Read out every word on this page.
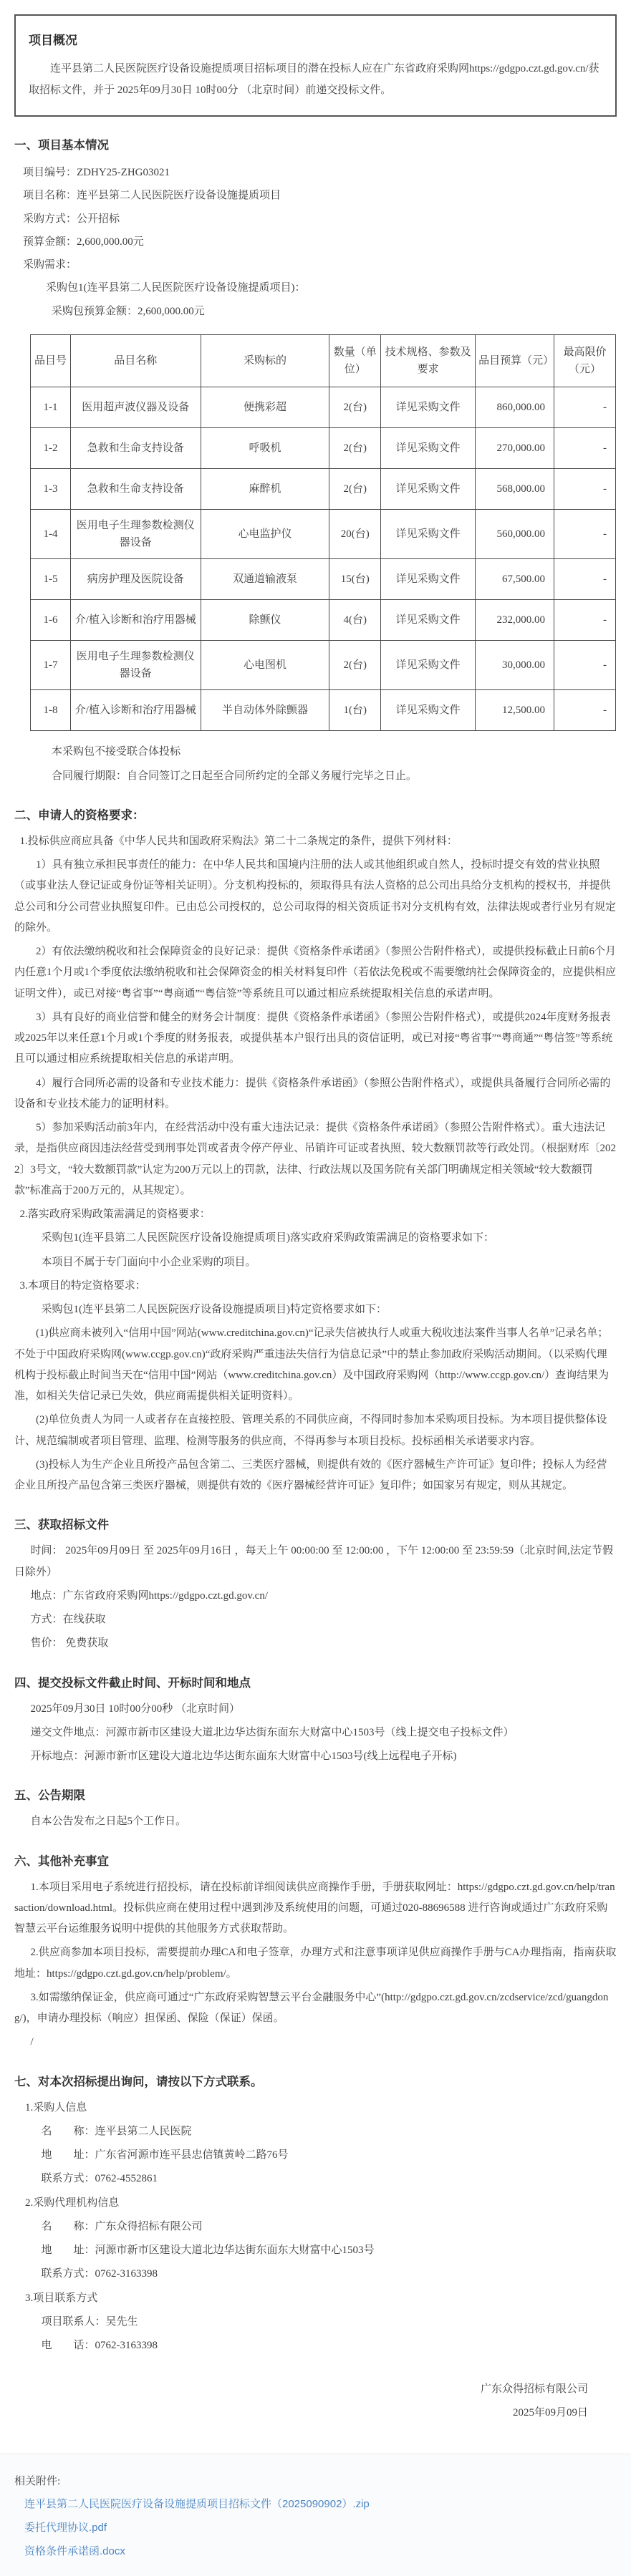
项目概况

连平县第二人民医院医疗设备设施提质项目招标项目的潜在投标人应在广东省政府采购网https://gdgpo.czt.gd.gov.cn/获取招标文件，并于 2025年09月30日 10时00分 （北京时间）前递交投标文件。

一、项目基本情况

项目编号：ZDHY25-ZHG03021

项目名称：连平县第二人民医院医疗设备设施提质项目

采购方式：公开招标

预算金额：2,600,000.00元

采购需求：

采购包1(连平县第二人民医院医疗设备设施提质项目)：

采购包预算金额：2,600,000.00元

品目号	品目名称	采购标的	数量（单位）	技术规格、参数及要求	品目预算（元）	最高限价（元）
1-1	医用超声波仪器及设备	便携彩超	2(台)	详见采购文件	860,000.00	-
1-2	急救和生命支持设备	呼吸机	2(台)	详见采购文件	270,000.00	-
1-3	急救和生命支持设备	麻醉机	2(台)	详见采购文件	568,000.00	-
1-4	医用电子生理参数检测仪器设备	心电监护仪	20(台)	详见采购文件	560,000.00	-
1-5	病房护理及医院设备	双通道输液泵	15(台)	详见采购文件	67,500.00	-
1-6	介/植入诊断和治疗用器械	除颤仪	4(台)	详见采购文件	232,000.00	-
1-7	医用电子生理参数检测仪器设备	心电图机	2(台)	详见采购文件	30,000.00	-
1-8	介/植入诊断和治疗用器械	半自动体外除颤器	1(台)	详见采购文件	12,500.00	-

本采购包不接受联合体投标

合同履行期限：自合同签订之日起至合同所约定的全部义务履行完毕之日止。

二、申请人的资格要求：

1.投标供应商应具备《中华人民共和国政府采购法》第二十二条规定的条件，提供下列材料：

1）具有独立承担民事责任的能力：在中华人民共和国境内注册的法人或其他组织或自然人，投标时提交有效的营业执照（或事业法人登记证或身份证等相关证明）。分支机构投标的，须取得具有法人资格的总公司出具给分支机构的授权书，并提供总公司和分公司营业执照复印件。已由总公司授权的，总公司取得的相关资质证书对分支机构有效，法律法规或者行业另有规定的除外。

2）有依法缴纳税收和社会保障资金的良好记录：提供《资格条件承诺函》（参照公告附件格式），或提供投标截止日前6个月内任意1个月或1个季度依法缴纳税收和社会保障资金的相关材料复印件（若依法免税或不需要缴纳社会保障资金的，应提供相应证明文件），或已对接“粤省事”“粤商通”“粤信签”等系统且可以通过相应系统提取相关信息的承诺声明。

3）具有良好的商业信誉和健全的财务会计制度：提供《资格条件承诺函》（参照公告附件格式），或提供2024年度财务报表或2025年以来任意1个月或1个季度的财务报表，或提供基本户银行出具的资信证明，或已对接“粤省事”“粤商通”“粤信签”等系统且可以通过相应系统提取相关信息的承诺声明。

4）履行合同所必需的设备和专业技术能力：提供《资格条件承诺函》（参照公告附件格式），或提供具备履行合同所必需的设备和专业技术能力的证明材料。

5）参加采购活动前3年内，在经营活动中没有重大违法记录：提供《资格条件承诺函》（参照公告附件格式）。重大违法记录，是指供应商因违法经营受到刑事处罚或者责令停产停业、吊销许可证或者执照、较大数额罚款等行政处罚。（根据财库〔2022〕3号文，“较大数额罚款”认定为200万元以上的罚款，法律、行政法规以及国务院有关部门明确规定相关领域“较大数额罚款”标准高于200万元的，从其规定）。

2.落实政府采购政策需满足的资格要求：

采购包1(连平县第二人民医院医疗设备设施提质项目)落实政府采购政策需满足的资格要求如下：

本项目不属于专门面向中小企业采购的项目。

3.本项目的特定资格要求：

采购包1(连平县第二人民医院医疗设备设施提质项目)特定资格要求如下：

(1)供应商未被列入“信用中国”网站(www.creditchina.gov.cn)“记录失信被执行人或重大税收违法案件当事人名单”记录名单；不处于中国政府采购网(www.ccgp.gov.cn)“政府采购严重违法失信行为信息记录”中的禁止参加政府采购活动期间。（以采购代理机构于投标截止时间当天在“信用中国”网站（www.creditchina.gov.cn）及中国政府采购网（http://www.ccgp.gov.cn/）查询结果为准，如相关失信记录已失效，供应商需提供相关证明资料）。

(2)单位负责人为同一人或者存在直接控股、管理关系的不同供应商，不得同时参加本采购项目投标。为本项目提供整体设计、规范编制或者项目管理、监理、检测等服务的供应商，不得再参与本项目投标。投标函相关承诺要求内容。

(3)投标人为生产企业且所投产品包含第二、三类医疗器械，则提供有效的《医疗器械生产许可证》复印件；投标人为经营企业且所投产品包含第三类医疗器械，则提供有效的《医疗器械经营许可证》复印件；如国家另有规定，则从其规定。

三、获取招标文件

时间： 2025年09月09日 至 2025年09月16日 ，每天上午 00:00:00 至 12:00:00 ，下午 12:00:00 至 23:59:59（北京时间,法定节假日除外）

地点：广东省政府采购网https://gdgpo.czt.gd.gov.cn/

方式：在线获取

售价： 免费获取

四、提交投标文件截止时间、开标时间和地点

2025年09月30日 10时00分00秒 （北京时间）

递交文件地点：河源市新市区建设大道北边华达街东面东大财富中心1503号（线上提交电子投标文件）

开标地点：河源市新市区建设大道北边华达街东面东大财富中心1503号(线上远程电子开标)

五、公告期限

自本公告发布之日起5个工作日。

六、其他补充事宜

1.本项目采用电子系统进行招投标，请在投标前详细阅读供应商操作手册，手册获取网址：https://gdgpo.czt.gd.gov.cn/help/transaction/download.html。投标供应商在使用过程中遇到涉及系统使用的问题，可通过020-88696588 进行咨询或通过广东政府采购智慧云平台运维服务说明中提供的其他服务方式获取帮助。

2.供应商参加本项目投标，需要提前办理CA和电子签章，办理方式和注意事项详见供应商操作手册与CA办理指南，指南获取地址：https://gdgpo.czt.gd.gov.cn/help/problem/。

3.如需缴纳保证金，供应商可通过“广东政府采购智慧云平台金融服务中心”(http://gdgpo.czt.gd.gov.cn/zcdservice/zcd/guangdong/)，申请办理投标（响应）担保函、保险（保证）保函。

/

七、对本次招标提出询问，请按以下方式联系。

1.采购人信息

名　　称：连平县第二人民医院

地　　址：广东省河源市连平县忠信镇黄岭二路76号

联系方式：0762-4552861

2.采购代理机构信息

名　　称：广东众得招标有限公司

地　　址：河源市新市区建设大道北边华达街东面东大财富中心1503号

联系方式：0762-3163398

3.项目联系方式

项目联系人：吴先生

电　　话：0762-3163398

广东众得招标有限公司

2025年09月09日

相关附件:

连平县第二人民医院医疗设备设施提质项目招标文件（2025090902）.zip
委托代理协议.pdf
资格条件承诺函.docx
